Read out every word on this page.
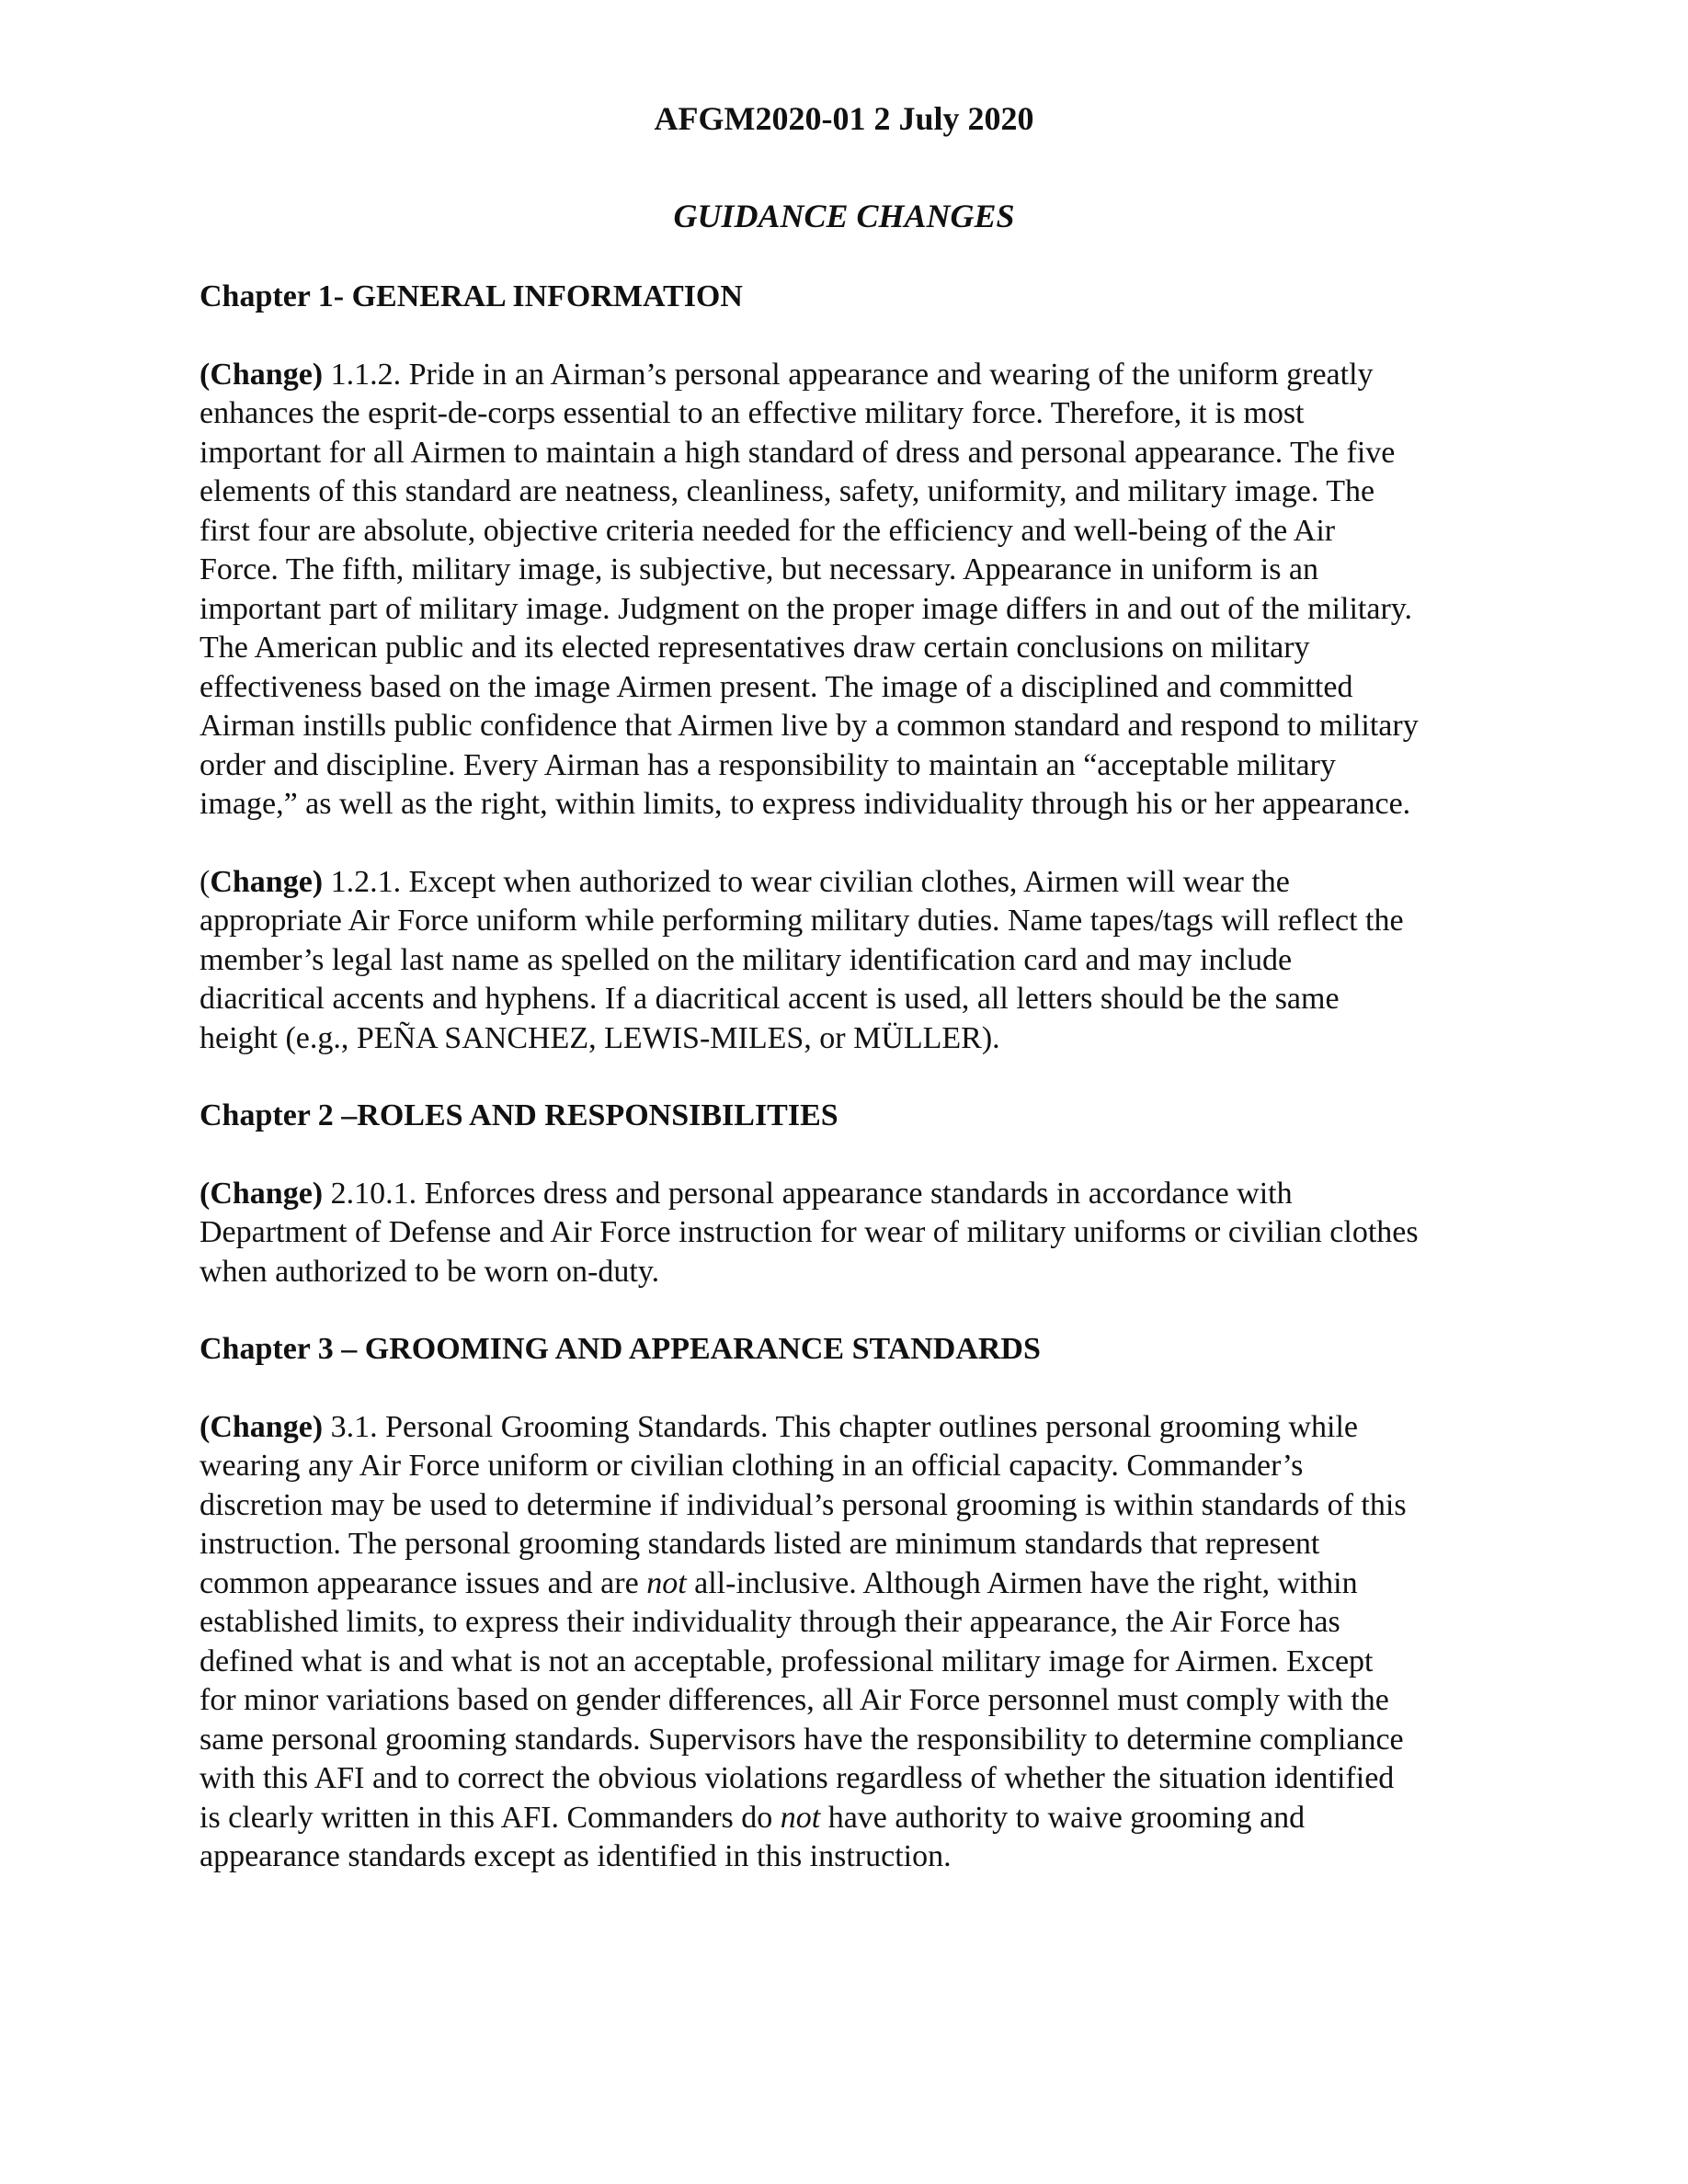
AFGM2020-01 2 July 2020
GUIDANCE CHANGES
Chapter 1- GENERAL INFORMATION
(Change) 1.1.2. Pride in an Airman’s personal appearance and wearing of the uniform greatly
enhances the esprit-de-corps essential to an effective military force. Therefore, it is most
important for all Airmen to maintain a high standard of dress and personal appearance. The five
elements of this standard are neatness, cleanliness, safety, uniformity, and military image. The
first four are absolute, objective criteria needed for the efficiency and well-being of the Air
Force. The fifth, military image, is subjective, but necessary. Appearance in uniform is an
important part of military image. Judgment on the proper image differs in and out of the military.
The American public and its elected representatives draw certain conclusions on military
effectiveness based on the image Airmen present. The image of a disciplined and committed
Airman instills public confidence that Airmen live by a common standard and respond to military
order and discipline. Every Airman has a responsibility to maintain an “acceptable military
image,” as well as the right, within limits, to express individuality through his or her appearance.
(Change) 1.2.1. Except when authorized to wear civilian clothes, Airmen will wear the
appropriate Air Force uniform while performing military duties. Name tapes/tags will reflect the
member’s legal last name as spelled on the military identification card and may include
diacritical accents and hyphens. If a diacritical accent is used, all letters should be the same
height (e.g., PEÑA SANCHEZ, LEWIS-MILES, or MÜLLER).
Chapter 2 –ROLES AND RESPONSIBILITIES
(Change) 2.10.1. Enforces dress and personal appearance standards in accordance with
Department of Defense and Air Force instruction for wear of military uniforms or civilian clothes
when authorized to be worn on-duty.
Chapter 3 – GROOMING AND APPEARANCE STANDARDS
(Change) 3.1. Personal Grooming Standards. This chapter outlines personal grooming while
wearing any Air Force uniform or civilian clothing in an official capacity. Commander’s
discretion may be used to determine if individual’s personal grooming is within standards of this
instruction. The personal grooming standards listed are minimum standards that represent
common appearance issues and are not all-inclusive. Although Airmen have the right, within
established limits, to express their individuality through their appearance, the Air Force has
defined what is and what is not an acceptable, professional military image for Airmen. Except
for minor variations based on gender differences, all Air Force personnel must comply with the
same personal grooming standards. Supervisors have the responsibility to determine compliance
with this AFI and to correct the obvious violations regardless of whether the situation identified
is clearly written in this AFI. Commanders do not have authority to waive grooming and
appearance standards except as identified in this instruction.
